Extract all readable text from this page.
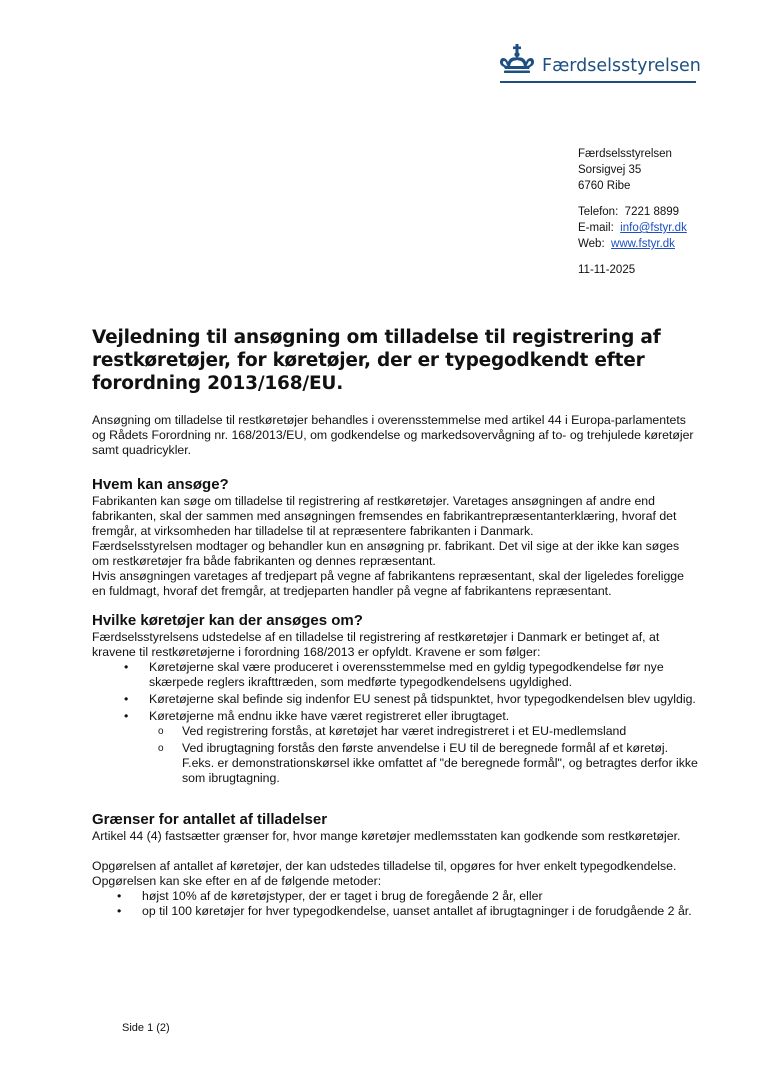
Færdselsstyrelsen
Færdselsstyrelsen
Sorsigvej 35
6760 Ribe
Telefon: 7221 8899
E-mail: info@fstyr.dk
Web: www.fstyr.dk
11-11-2025
Vejledning til ansøgning om tilladelse til registrering af restkøretøjer, for køretøjer, der er typegodkendt efter forordning 2013/168/EU.

Ansøgning om tilladelse til restkøretøjer behandles i overensstemmelse med artikel 44 i Europa-parlamentets og Rådets Forordning nr. 168/2013/EU, om godkendelse og markedsovervågning af to- og trehjulede køretøjer samt quadricykler.

Hvem kan ansøge?

Fabrikanten kan søge om tilladelse til registrering af restkøretøjer. Varetages ansøgningen af andre end fabrikanten, skal der sammen med ansøgningen fremsendes en fabrikantrepræsentanterklæring, hvoraf det fremgår, at virksomheden har tilladelse til at repræsentere fabrikanten i Danmark.

Færdselsstyrelsen modtager og behandler kun en ansøgning pr. fabrikant. Det vil sige at der ikke kan søges om restkøretøjer fra både fabrikanten og dennes repræsentant.

Hvis ansøgningen varetages af tredjepart på vegne af fabrikantens repræsentant, skal der ligeledes foreligge en fuldmagt, hvoraf det fremgår, at tredjeparten handler på vegne af fabrikantens repræsentant.

Hvilke køretøjer kan der ansøges om?

Færdselsstyrelsens udstedelse af en tilladelse til registrering af restkøretøjer i Danmark er betinget af, at kravene til restkøretøjerne i forordning 168/2013 er opfyldt. Kravene er som følger:

• Køretøjerne skal være produceret i overensstemmelse med en gyldig typegodkendelse før nye skærpede reglers ikrafttræden, som medførte typegodkendelsens ugyldighed.
• Køretøjerne skal befinde sig indenfor EU senest på tidspunktet, hvor typegodkendelsen blev ugyldig.
• Køretøjerne må endnu ikke have været registreret eller ibrugtaget.
o Ved registrering forstås, at køretøjet har været indregistreret i et EU-medlemsland
o Ved ibrugtagning forstås den første anvendelse i EU til de beregnede formål af et køretøj. F.eks. er demonstrationskørsel ikke omfattet af "de beregnede formål", og betragtes derfor ikke som ibrugtagning.
Grænser for antallet af tilladelser

Artikel 44 (4) fastsætter grænser for, hvor mange køretøjer medlemsstaten kan godkende som restkøretøjer.

Opgørelsen af antallet af køretøjer, der kan udstedes tilladelse til, opgøres for hver enkelt typegodkendelse. Opgørelsen kan ske efter en af de følgende metoder:

• højst 10% af de køretøjstyper, der er taget i brug de foregående 2 år, eller
• op til 100 køretøjer for hver typegodkendelse, uanset antallet af ibrugtagninger i de forudgående 2 år.
Side 1 (2)
